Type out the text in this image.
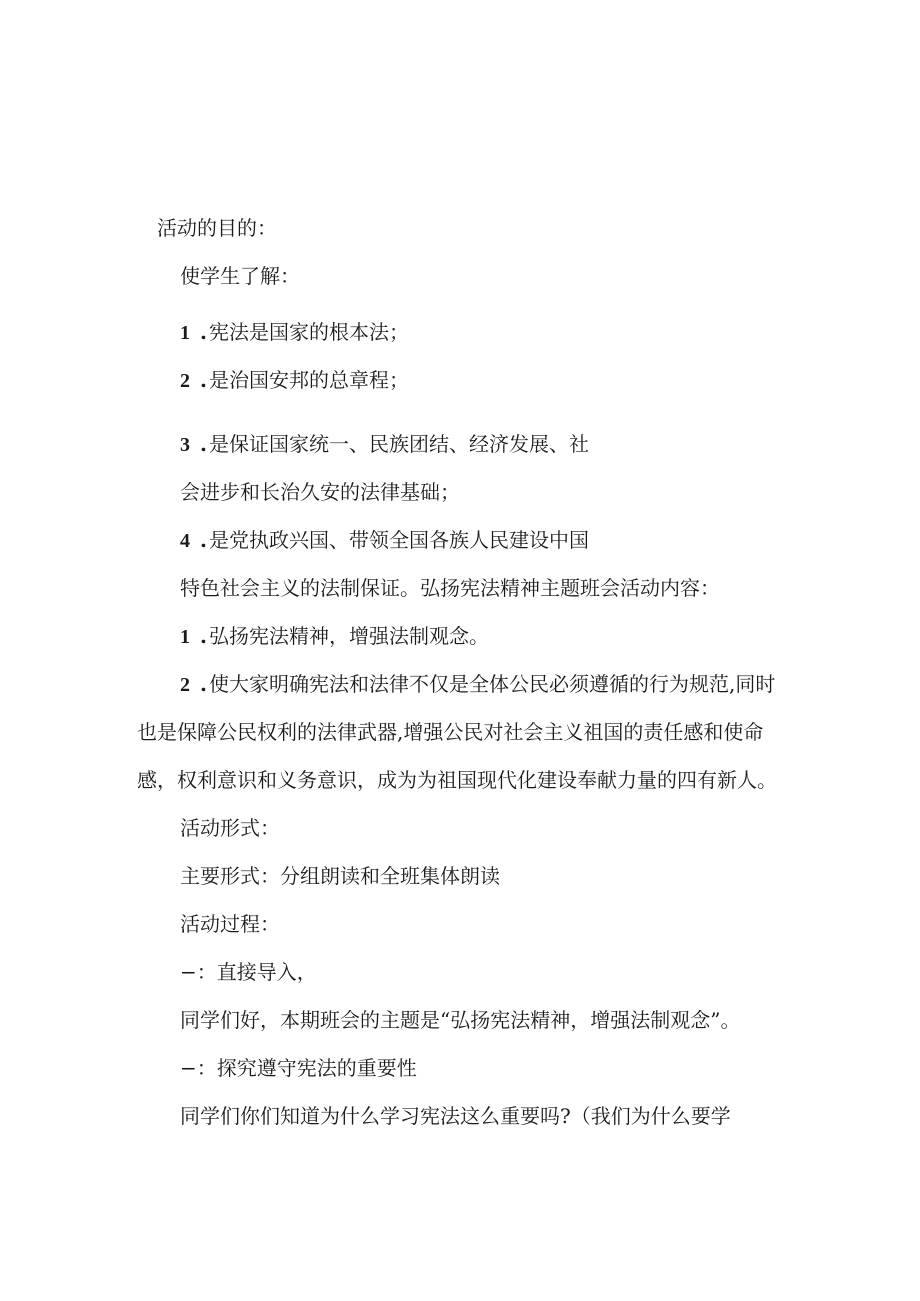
活动的目的：
使学生了解：
1 . 宪法是国家的根本法；
2 . 是治国安邦的总章程；
3 . 是保证国家统一、民族团结、经济发展、社
会进步和长治久安的法律基础；
4 . 是党执政兴国、带领全国各族人民建设中国
特色社会主义的法制保证。弘扬宪法精神主题班会活动内容：
1 . 弘扬宪法精神，增强法制观念。
2 . 使大家明确宪法和法律不仅是全体公民必须遵循的行为规范,同时
也是保障公民权利的法律武器,增强公民对社会主义祖国的责任感和使命
感，权利意识和义务意识，成为为祖国现代化建设奉献力量的四有新人。
活动形式：
主要形式：分组朗读和全班集体朗读
活动过程：
−：直接导入，
同学们好，本期班会的主题是“弘扬宪法精神，增强法制观念”。
−：探究遵守宪法的重要性
同学们你们知道为什么学习宪法这么重要吗?（我们为什么要学
